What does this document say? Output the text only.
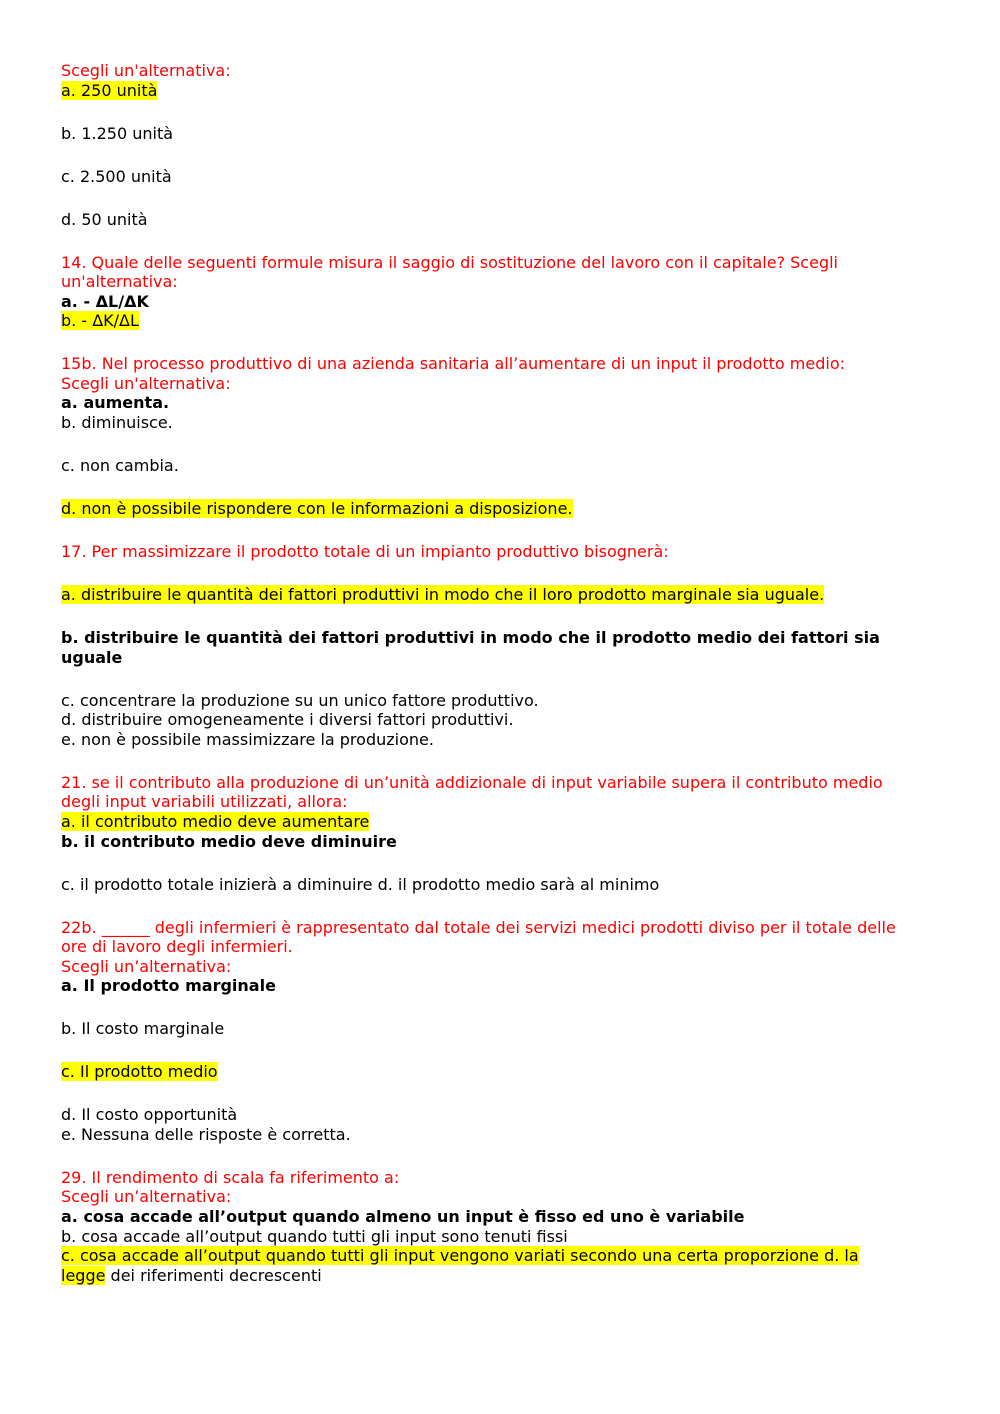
Scegli un'alternativa:
a. 250 unità
b. 1.250 unità
c. 2.500 unità
d. 50 unità
14. Quale delle seguenti formule misura il saggio di sostituzione del lavoro con il capitale? Scegli
un'alternativa:
a. - ΔL/ΔK
b. - ΔK/ΔL
15b. Nel processo produttivo di una azienda sanitaria all’aumentare di un input il prodotto medio:
Scegli un'alternativa:
a. aumenta.
b. diminuisce.
c. non cambia.
d. non è possibile rispondere con le informazioni a disposizione.
17. Per massimizzare il prodotto totale di un impianto produttivo bisognerà:
a. distribuire le quantità dei fattori produttivi in modo che il loro prodotto marginale sia uguale.
b. distribuire le quantità dei fattori produttivi in modo che il prodotto medio dei fattori sia
uguale
c. concentrare la produzione su un unico fattore produttivo.
d. distribuire omogeneamente i diversi fattori produttivi.
e. non è possibile massimizzare la produzione.
21. se il contributo alla produzione di un’unità addizionale di input variabile supera il contributo medio
degli input variabili utilizzati, allora:
a. il contributo medio deve aumentare
b. il contributo medio deve diminuire
c. il prodotto totale inizierà a diminuire d. il prodotto medio sarà al minimo
22b. ______ degli infermieri è rappresentato dal totale dei servizi medici prodotti diviso per il totale delle
ore di lavoro degli infermieri.
Scegli un’alternativa:
a. Il prodotto marginale
b. Il costo marginale
c. Il prodotto medio
d. Il costo opportunità
e. Nessuna delle risposte è corretta.
29. Il rendimento di scala fa riferimento a:
Scegli un’alternativa:
a. cosa accade all’output quando almeno un input è fisso ed uno è variabile
b. cosa accade all’output quando tutti gli input sono tenuti fissi
c. cosa accade all’output quando tutti gli input vengono variati secondo una certa proporzione d. la
legge dei riferimenti decrescenti
